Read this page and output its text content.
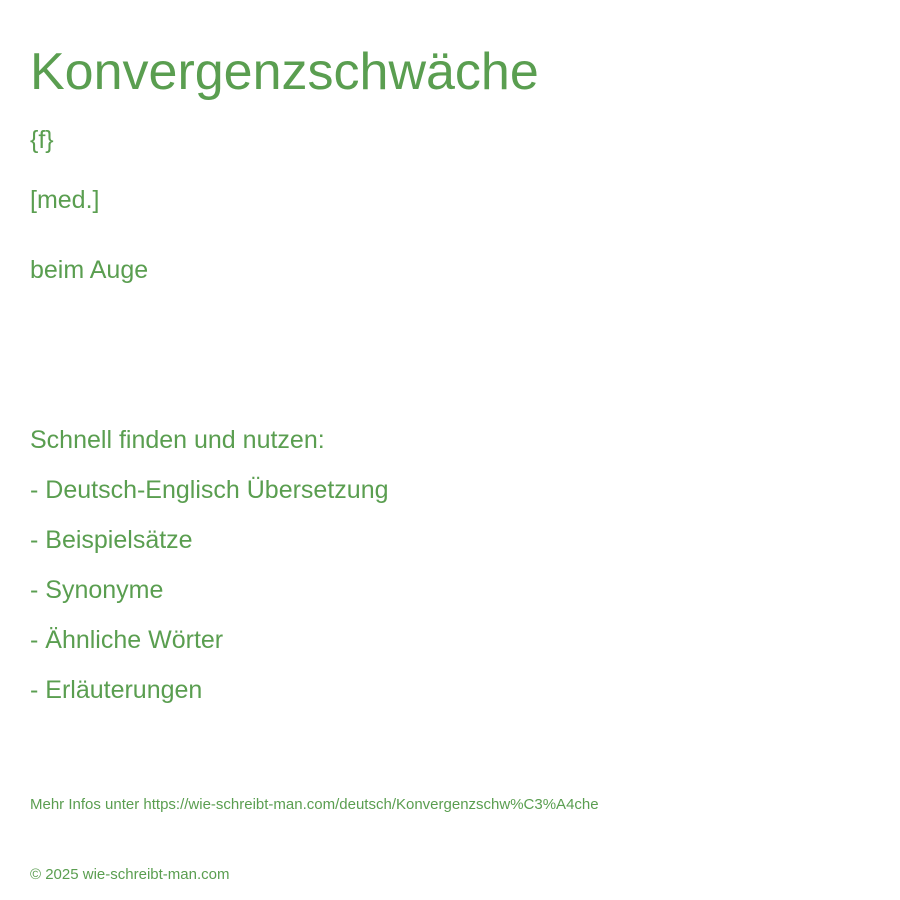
Konvergenzschwäche

{f}

[med.]

beim Auge

Schnell finden und nutzen:

- Deutsch-Englisch Übersetzung
- Beispielsätze
- Synonyme
- Ähnliche Wörter
- Erläuterungen

Mehr Infos unter https://wie-schreibt-man.com/deutsch/Konvergenzschw%C3%A4che

© 2025 wie-schreibt-man.com
